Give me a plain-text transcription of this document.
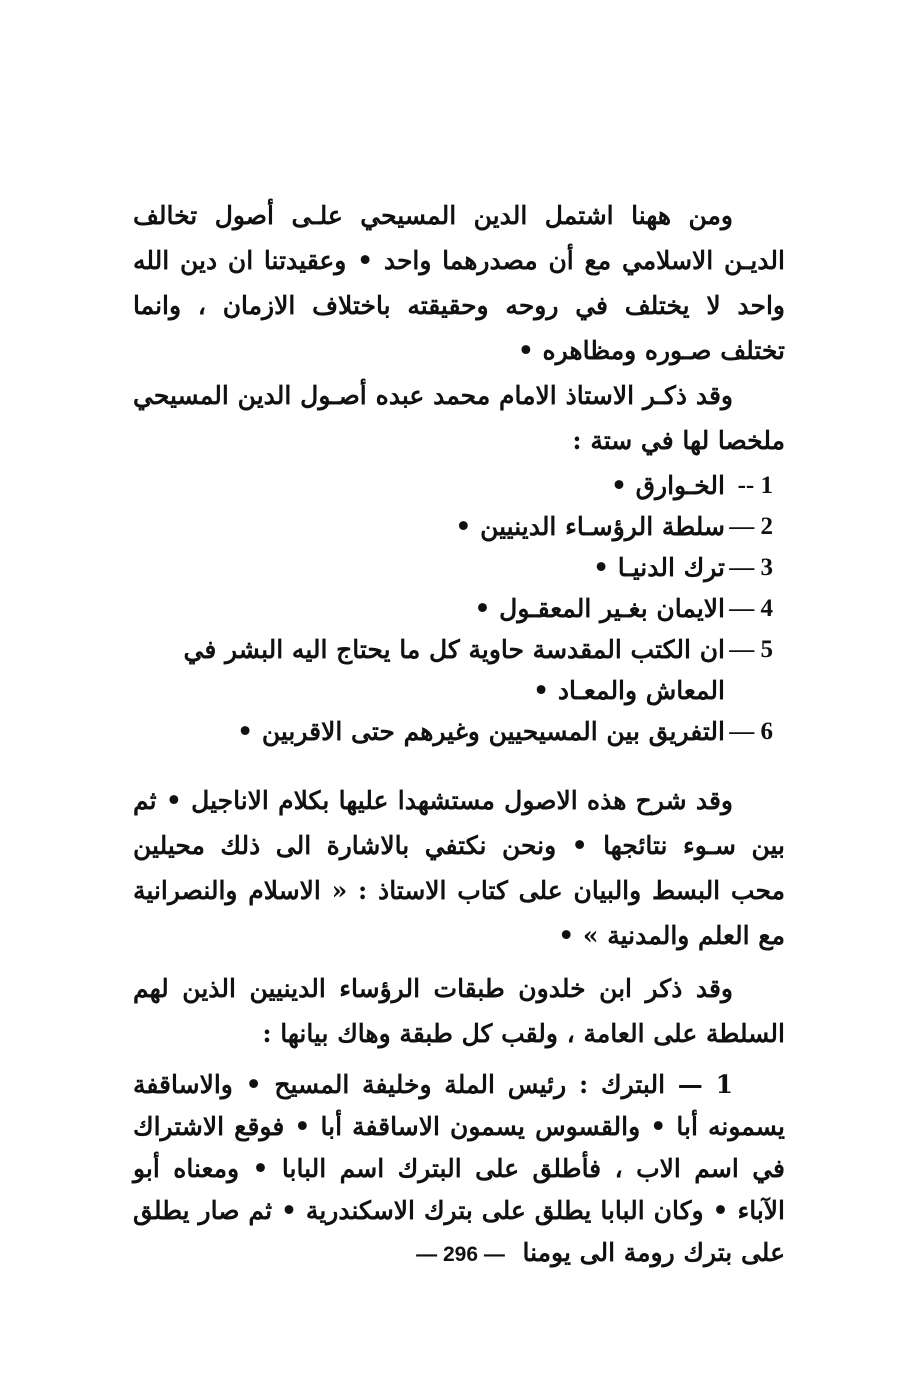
ومن ههنا اشتمل الدين المسيحي علـى أصول تخالف الديـن الاسلامي مع أن مصدرهما واحد • وعقيدتنا ان دين الله واحد لا يختلف في روحه وحقيقته باختلاف الازمان ، وانما تختلف صـوره ومظاهره •

وقد ذكـر الاستاذ الامام محمد عبده أصـول الدين المسيحي ملخصا لها في ستة :

1 --
الخـوارق •
2 —
سلطة الرؤسـاء الدينيين •
3 —
ترك الدنيـا •
4 —
الايمان بغـير المعقـول •
5 —
ان الكتب المقدسة حاوية كل ما يحتاج اليه البشر في المعاش والمعـاد •
6 —
التفريق بين المسيحيين وغيرهم حتى الاقربين •

وقد شرح هذه الاصول مستشهدا عليها بكلام الاناجيل • ثم بين سـوء نتائجها • ونحن نكتفي بالاشارة الى ذلك محيلين محب البسط والبيان على كتاب الاستاذ : « الاسلام والنصرانية مع العلم والمدنية » •

وقد ذكر ابن خلدون طبقات الرؤساء الدينيين الذين لهم السلطة على العامة ، ولقب كل طبقة وهاك بيانها :

1 — البترك : رئيس الملة وخليفة المسيح • والاساقفة يسمونه أبا • والقسوس يسمون الاساقفة أبا • فوقع الاشتراك في اسم الاب ، فأطلق على البترك اسم البابا • ومعناه أبو الآباء • وكان البابا يطلق على بترك الاسكندرية • ثم صار يطلق على بترك رومة الى يومنا

— 296 —
